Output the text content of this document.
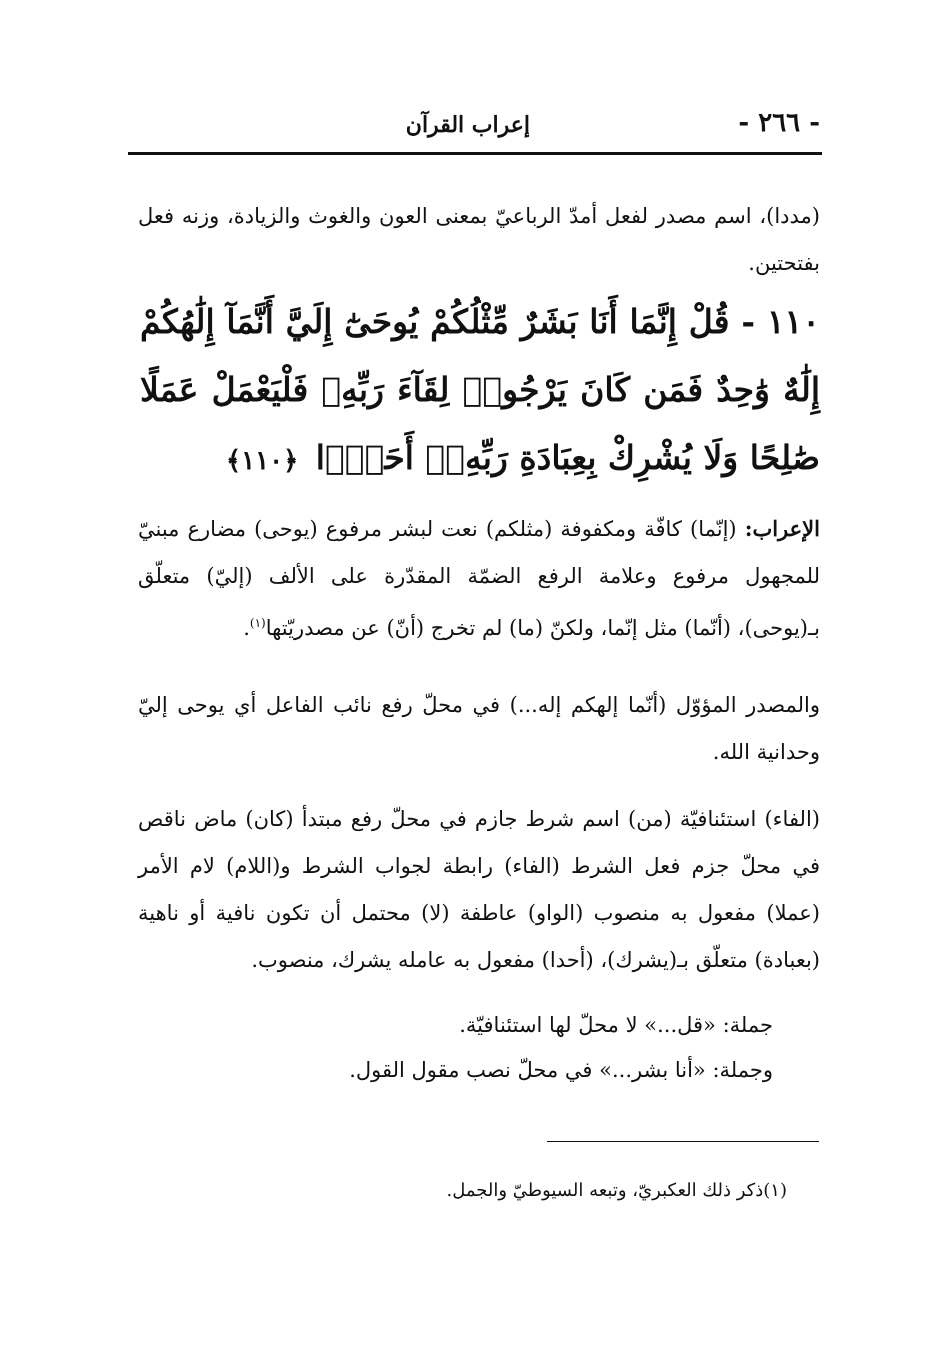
- ٢٦٦ -
إعراب القرآن

(مددا)، اسم مصدر لفعل أمدّ الرباعيّ بمعنى العون والغوث والزيادة، وزنه فعل بفتحتين.

١١٠ - قُلْ إِنَّمَا أَنَا بَشَرٌ مِّثْلُكُمْ يُوحَىٰٓ إِلَيَّ أَنَّمَآ إِلَٰهُكُمْ إِلَٰهٌ وَٰحِدٌ فَمَن كَانَ يَرْجُوا۟ لِقَآءَ رَبِّهِۦ فَلْيَعْمَلْ عَمَلًا صَٰلِحًا وَلَا يُشْرِكْ بِعِبَادَةِ رَبِّهِۦٓ أَحَدًۢا ﴿١١٠﴾

الإعراب: (إنّما) كافّة ومكفوفة (مثلكم) نعت لبشر مرفوع (يوحى) مضارع مبنيّ للمجهول مرفوع وعلامة الرفع الضمّة المقدّرة على الألف (إليّ) متعلّق بـ(يوحى)، (أنّما) مثل إنّما، ولكنّ (ما) لم تخرج (أنّ) عن مصدريّتها$^{(١)}$.

والمصدر المؤوّل (أنّما إلهكم إله...) في محلّ رفع نائب الفاعل أي يوحى إليّ وحدانية الله.

(الفاء) استئنافيّة (من) اسم شرط جازم في محلّ رفع مبتدأ (كان) ماض ناقص في محلّ جزم فعل الشرط (الفاء) رابطة لجواب الشرط و(اللام) لام الأمر (عملا) مفعول به منصوب (الواو) عاطفة (لا) محتمل أن تكون نافية أو ناهية (بعبادة) متعلّق بـ(يشرك)، (أحدا) مفعول به عامله يشرك، منصوب.

جملة: «قل...» لا محلّ لها استئنافيّة.
وجملة: «أنا بشر...» في محلّ نصب مقول القول.
(١)ذكر ذلك العكبريّ، وتبعه السيوطيّ والجمل.
